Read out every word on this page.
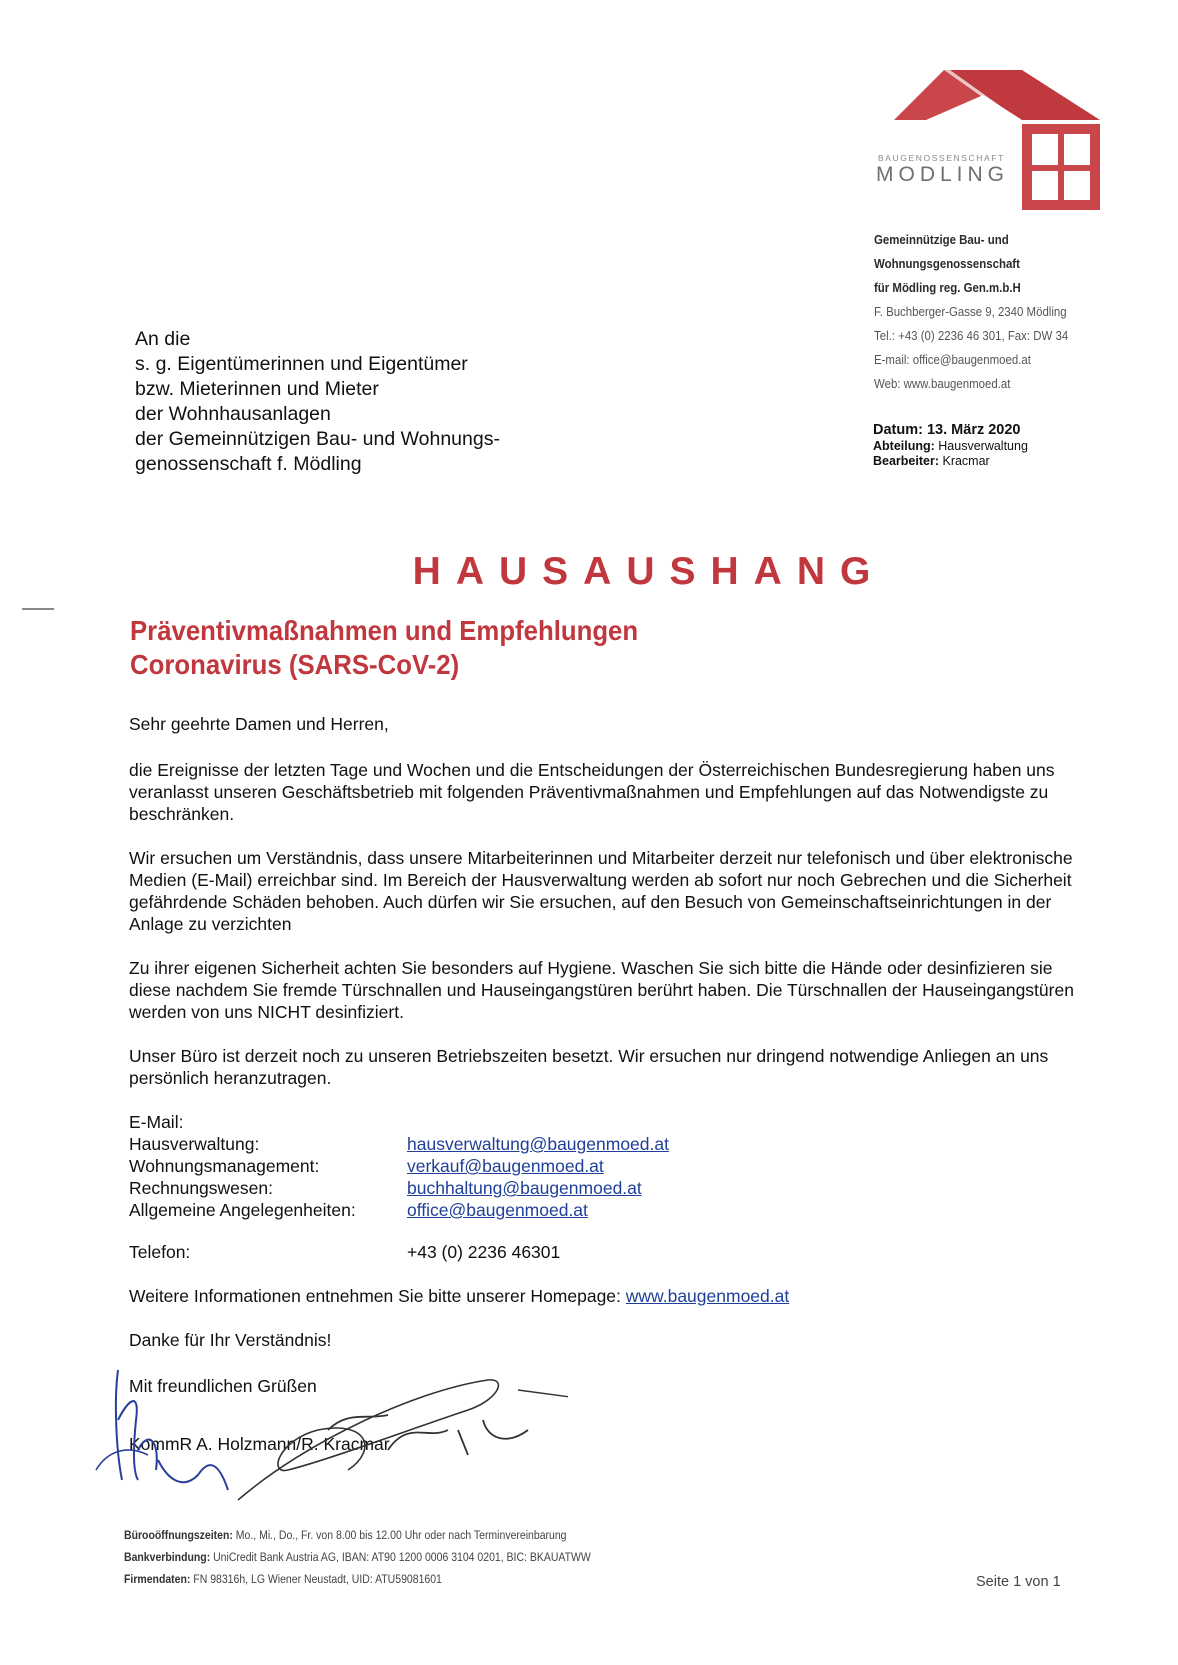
BAUGENOSSENSCHAFT
MODLING
Gemeinnützige Bau- und
Wohnungsgenossenschaft
für Mödling reg. Gen.m.b.H
F. Buchberger-Gasse 9, 2340 Mödling
Tel.: +43 (0) 2236 46 301, Fax: DW 34
E-mail: office@baugenmoed.at
Web: www.baugenmoed.at
Datum: 13. März 2020
Abteilung: Hausverwaltung
Bearbeiter: Kracmar
An die
s. g. Eigentümerinnen und Eigentümer
bzw. Mieterinnen und Mieter
der Wohnhausanlagen
der Gemeinnützigen Bau- und Wohnungs-
genossenschaft f. Mödling
HAUSAUSHANG
Präventivmaßnahmen und Empfehlungen
Coronavirus (SARS-CoV-2)

Sehr geehrte Damen und Herren,

die Ereignisse der letzten Tage und Wochen und die Entscheidungen der Österreichischen Bundesregierung haben uns veranlasst unseren Geschäftsbetrieb mit folgenden Präventivmaßnahmen und Empfehlungen auf das Notwendigste zu beschränken.

Wir ersuchen um Verständnis, dass unsere Mitarbeiterinnen und Mitarbeiter derzeit nur telefonisch und über elektronische Medien (E-Mail) erreichbar sind. Im Bereich der Hausverwaltung werden ab sofort nur noch Gebrechen und die Sicherheit gefährdende Schäden behoben. Auch dürfen wir Sie ersuchen, auf den Besuch von Gemeinschaftseinrichtungen in der Anlage zu verzichten

Zu ihrer eigenen Sicherheit achten Sie besonders auf Hygiene. Waschen Sie sich bitte die Hände oder desinfizieren sie diese nachdem Sie fremde Türschnallen und Hauseingangstüren berührt haben. Die Türschnallen der Hauseingangstüren werden von uns NICHT desinfiziert.

Unser Büro ist derzeit noch zu unseren Betriebszeiten besetzt. Wir ersuchen nur dringend notwendige Anliegen an uns persönlich heranzutragen.

E-Mail:
Hausverwaltung:	hausverwaltung@baugenmoed.at
Wohnungsmanagement:	verkauf@baugenmoed.at
Rechnungswesen:	buchhaltung@baugenmoed.at
Allgemeine Angelegenheiten:	office@baugenmoed.at
Telefon:	+43 (0) 2236 46301

Weitere Informationen entnehmen Sie bitte unserer Homepage: www.baugenmoed.at

Danke für Ihr Verständnis!

Mit freundlichen Grüßen

KommR A. Holzmann/R. Kracmar

Bürooöffnungszeiten: Mo., Mi., Do., Fr. von 8.00 bis 12.00 Uhr oder nach Terminvereinbarung
Bankverbindung: UniCredit Bank Austria AG, IBAN: AT90 1200 0006 3104 0201, BIC: BKAUATWW
Firmendaten: FN 98316h, LG Wiener Neustadt, UID: ATU59081601	Seite 1 von 1
